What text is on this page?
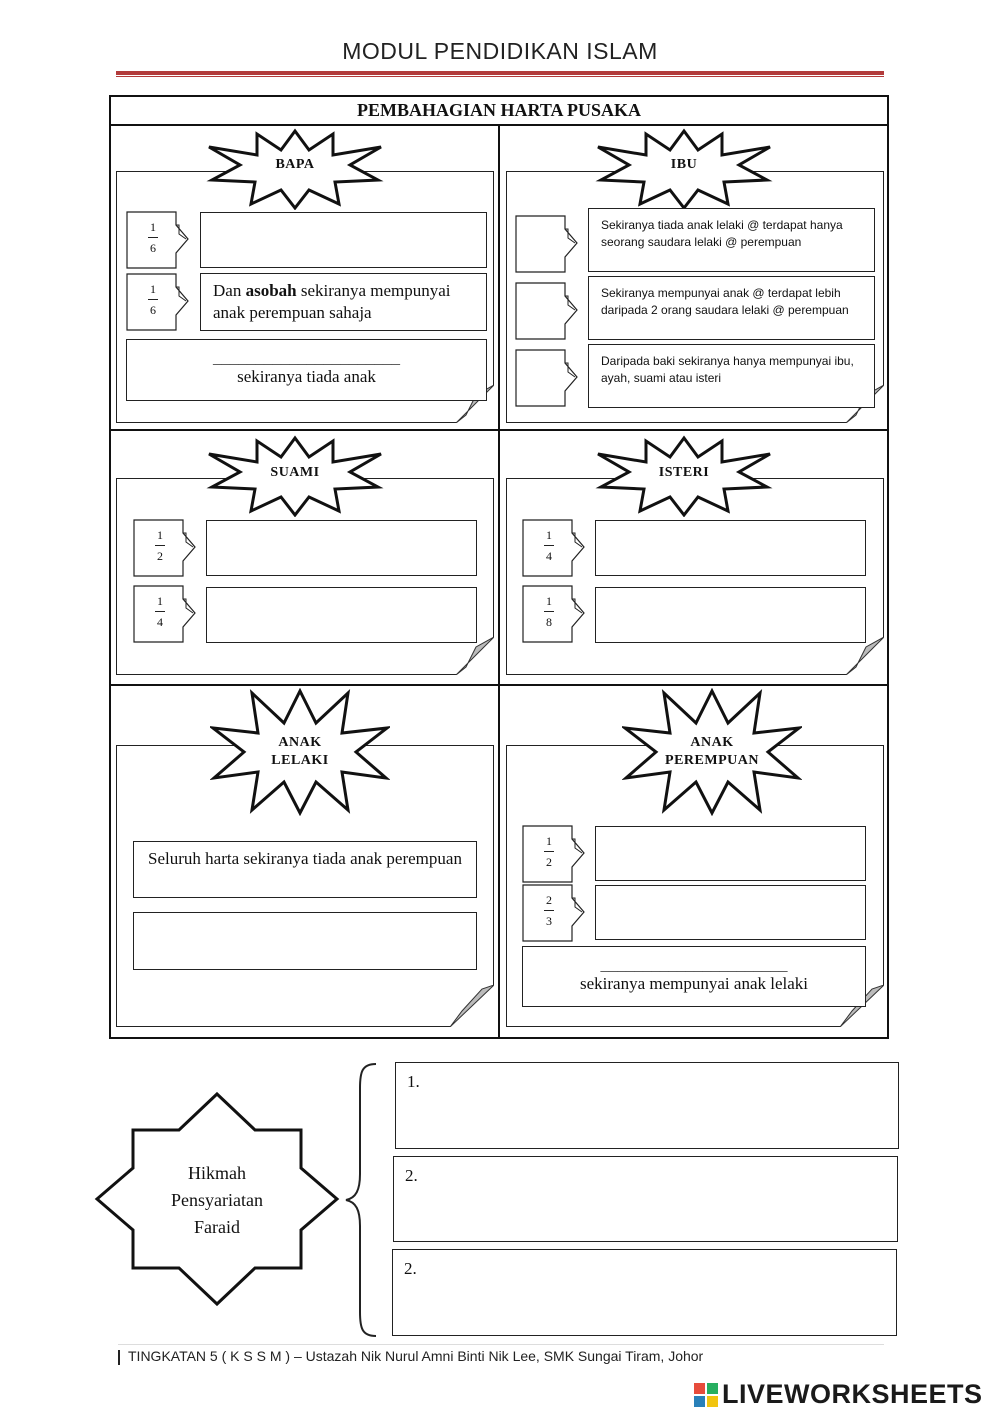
MODUL PENDIDIKAN ISLAM
PEMBAHAGIAN HARTA PUSAKA
BAPA
1
6
1
6
Dan asobah sekiranya mempunyai anak perempuan sahaja
______________________
sekiranya tiada anak
IBU
Sekiranya tiada anak lelaki @ terdapat hanya seorang saudara lelaki @ perempuan
Sekiranya mempunyai anak @ terdapat lebih daripada 2 orang saudara lelaki @ perempuan
Daripada baki sekiranya hanya mempunyai ibu, ayah, suami atau isteri
SUAMI
1
2
1
4
ISTERI
1
4
1
8
ANAK
LELAKI
Seluruh harta sekiranya tiada anak perempuan
ANAK
PEREMPUAN
1
2
2
3
______________________
sekiranya mempunyai anak lelaki
Hikmah
Pensyariatan
Faraid
1.
2.
2.
TINGKATAN 5 ( K S S M ) – Ustazah Nik Nurul Amni Binti Nik Lee, SMK Sungai Tiram, Johor
LIVEWORKSHEETS
